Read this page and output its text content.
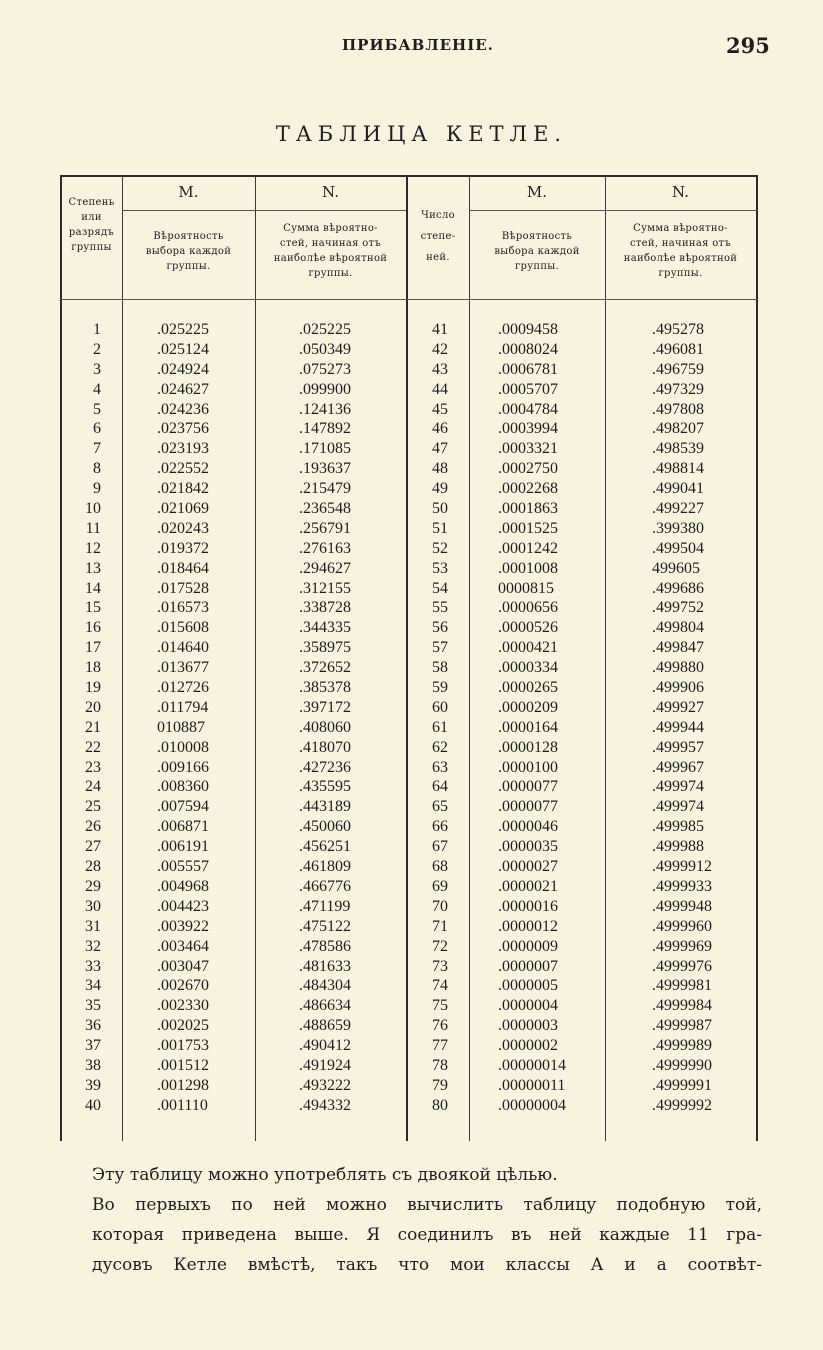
ПРИБАВЛЕНІЕ.	295
ТАБЛИЦА КЕТЛЕ.
Степень
или
разрядъ
группы
M.
Вѣроятность
выбора каждой
группы.
N.
Сумма вѣроятно-
стей, начиная отъ
наиболѣе вѣроятной
группы.
Число
степе-
ней.
M.
Вѣроятность
выбора каждой
группы.
N.
Сумма вѣроятно-
стей, начиная отъ
наиболѣе вѣроятной
группы.
1
2
3
4
5
6
7
8
9
10
11
12
13
14
15
16
17
18
19
20
21
22
23
24
25
26
27
28
29
30
31
32
33
34
35
36
37
38
39
40
.025225
.025124
.024924
.024627
.024236
.023756
.023193
.022552
.021842
.021069
.020243
.019372
.018464
.017528
.016573
.015608
.014640
.013677
.012726
.011794
010887
.010008
.009166
.008360
.007594
.006871
.006191
.005557
.004968
.004423
.003922
.003464
.003047
.002670
.002330
.002025
.001753
.001512
.001298
.001110
.025225
.050349
.075273
.099900
.124136
.147892
.171085
.193637
.215479
.236548
.256791
.276163
.294627
.312155
.338728
.344335
.358975
.372652
.385378
.397172
.408060
.418070
.427236
.435595
.443189
.450060
.456251
.461809
.466776
.471199
.475122
.478586
.481633
.484304
.486634
.488659
.490412
.491924
.493222
.494332
41
42
43
44
45
46
47
48
49
50
51
52
53
54
55
56
57
58
59
60
61
62
63
64
65
66
67
68
69
70
71
72
73
74
75
76
77
78
79
80
.0009458
.0008024
.0006781
.0005707
.0004784
.0003994
.0003321
.0002750
.0002268
.0001863
.0001525
.0001242
.0001008
0000815
.0000656
.0000526
.0000421
.0000334
.0000265
.0000209
.0000164
.0000128
.0000100
.0000077
.0000077
.0000046
.0000035
.0000027
.0000021
.0000016
.0000012
.0000009
.0000007
.0000005
.0000004
.0000003
.0000002
.00000014
.00000011
.00000004
.495278
.496081
.496759
.497329
.497808
.498207
.498539
.498814
.499041
.499227
.399380
.499504
499605
.499686
.499752
.499804
.499847
.499880
.499906
.499927
.499944
.499957
.499967
.499974
.499974
.499985
.499988
.4999912
.4999933
.4999948
.4999960
.4999969
.4999976
.4999981
.4999984
.4999987
.4999989
.4999990
.4999991
.4999992

Эту таблицу можно употреблять съ двоякой цѣлью.

Во первыхъ по ней можно вычислить таблицу подобную той,
которая приведена выше. Я соединилъ въ ней каждые 11 гра-
дусовъ Кетле вмѣстѣ, такъ что мои классы А и а соотвѣт-
